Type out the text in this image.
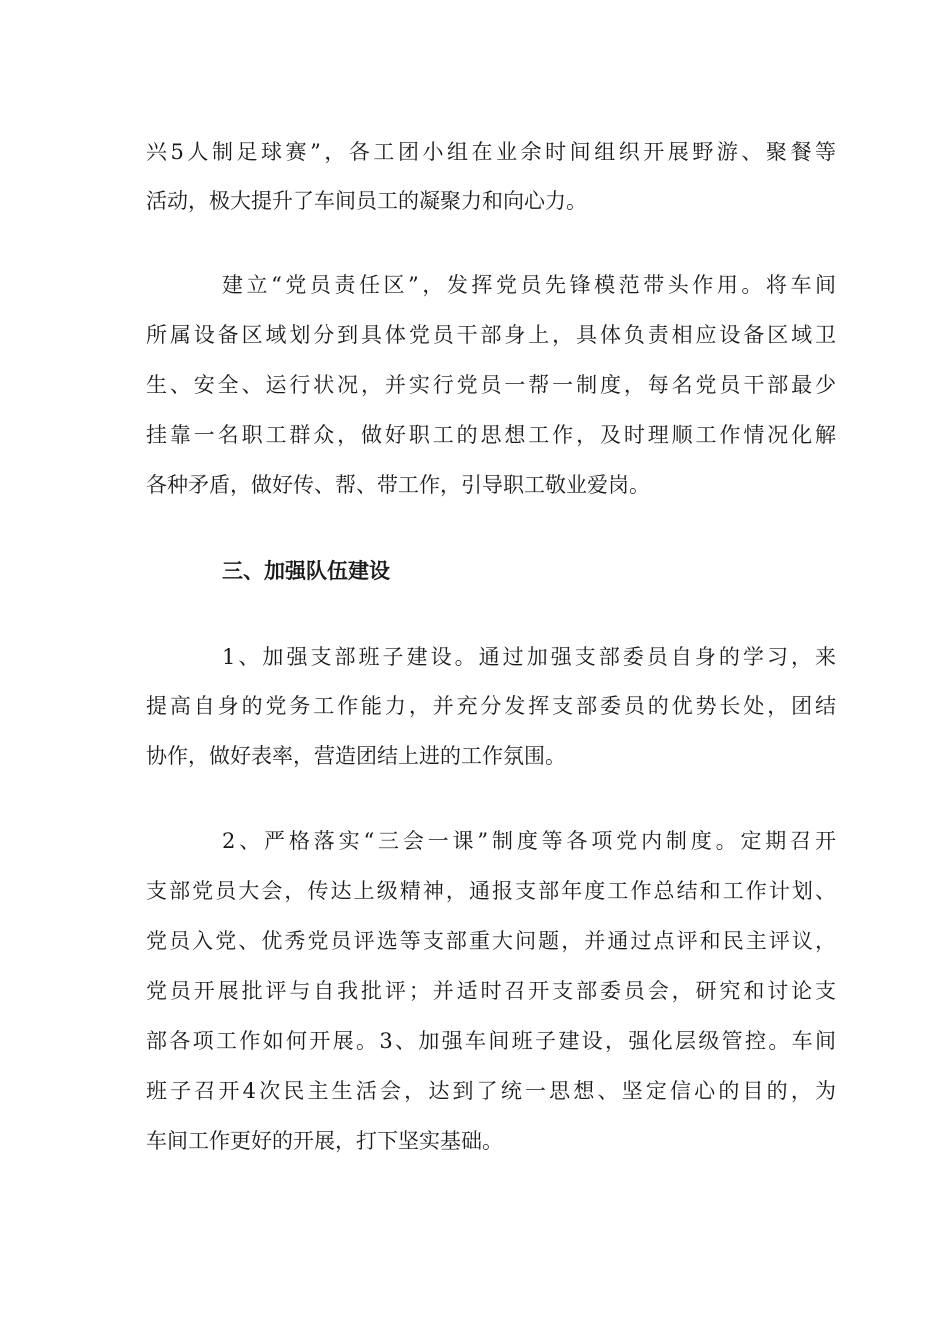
兴5人制足球赛”，各工团小组在业余时间组织开展野游、聚餐等
活动，极大提升了车间员工的凝聚力和向心力。
建立“党员责任区”，发挥党员先锋模范带头作用。将车间
所属设备区域划分到具体党员干部身上，具体负责相应设备区域卫
生、安全、运行状况，并实行党员一帮一制度，每名党员干部最少
挂靠一名职工群众，做好职工的思想工作，及时理顺工作情况化解
各种矛盾，做好传、帮、带工作，引导职工敬业爱岗。
三、加强队伍建设
1、加强支部班子建设。通过加强支部委员自身的学习，来
提高自身的党务工作能力，并充分发挥支部委员的优势长处，团结
协作，做好表率，营造团结上进的工作氛围。
2、严格落实“三会一课”制度等各项党内制度。定期召开
支部党员大会，传达上级精神，通报支部年度工作总结和工作计划、
党员入党、优秀党员评选等支部重大问题，并通过点评和民主评议，
党员开展批评与自我批评；并适时召开支部委员会，研究和讨论支
部各项工作如何开展。3、加强车间班子建设，强化层级管控。车间
班子召开4次民主生活会，达到了统一思想、坚定信心的目的，为
车间工作更好的开展，打下坚实基础。
